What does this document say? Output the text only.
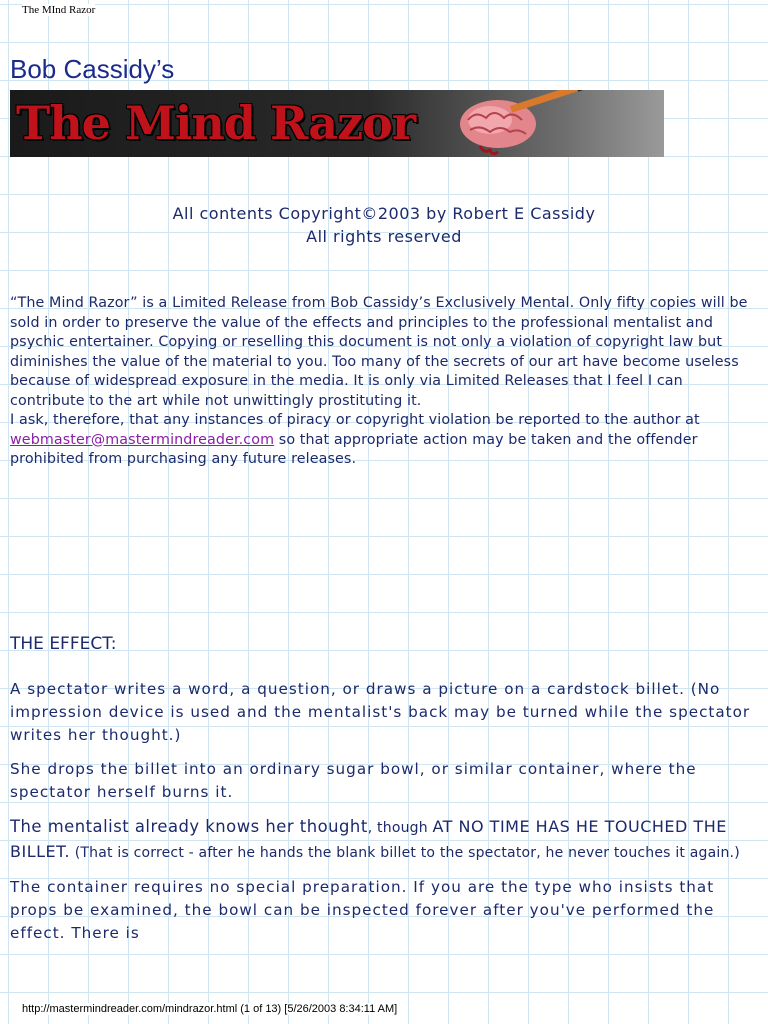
The MInd Razor
Bob Cassidy’s
The Mind Razor
All contents Copyright©2003 by Robert E Cassidy
All rights reserved

“The Mind Razor” is a Limited Release from Bob Cassidy’s Exclusively Mental. Only fifty copies will be sold in order to preserve the value of the effects and principles to the professional mentalist and psychic entertainer. Copying or reselling this document is not only a violation of copyright law but diminishes the value of the material to you. Too many of the secrets of our art have become useless because of widespread exposure in the media. It is only via Limited Releases that I feel I can contribute to the art while not unwittingly prostituting it.

I ask, therefore, that any instances of piracy or copyright violation be reported to the author at webmaster@mastermindreader.com so that appropriate action may be taken and the offender prohibited from purchasing any future releases.

THE EFFECT:

A spectator writes a word, a question, or draws a picture on a cardstock billet. (No impression device is used and the mentalist's back may be turned while the spectator writes her thought.)

She drops the billet into an ordinary sugar bowl, or similar container, where the spectator herself burns it.

The mentalist already knows her thought, though AT NO TIME HAS HE TOUCHED THE BILLET. (That is correct - after he hands the blank billet to the spectator, he never touches it again.)

The container requires no special preparation. If you are the type who insists that props be examined, the bowl can be inspected forever after you've performed the effect. There is

http://mastermindreader.com/mindrazor.html (1 of 13) [5/26/2003 8:34:11 AM]
